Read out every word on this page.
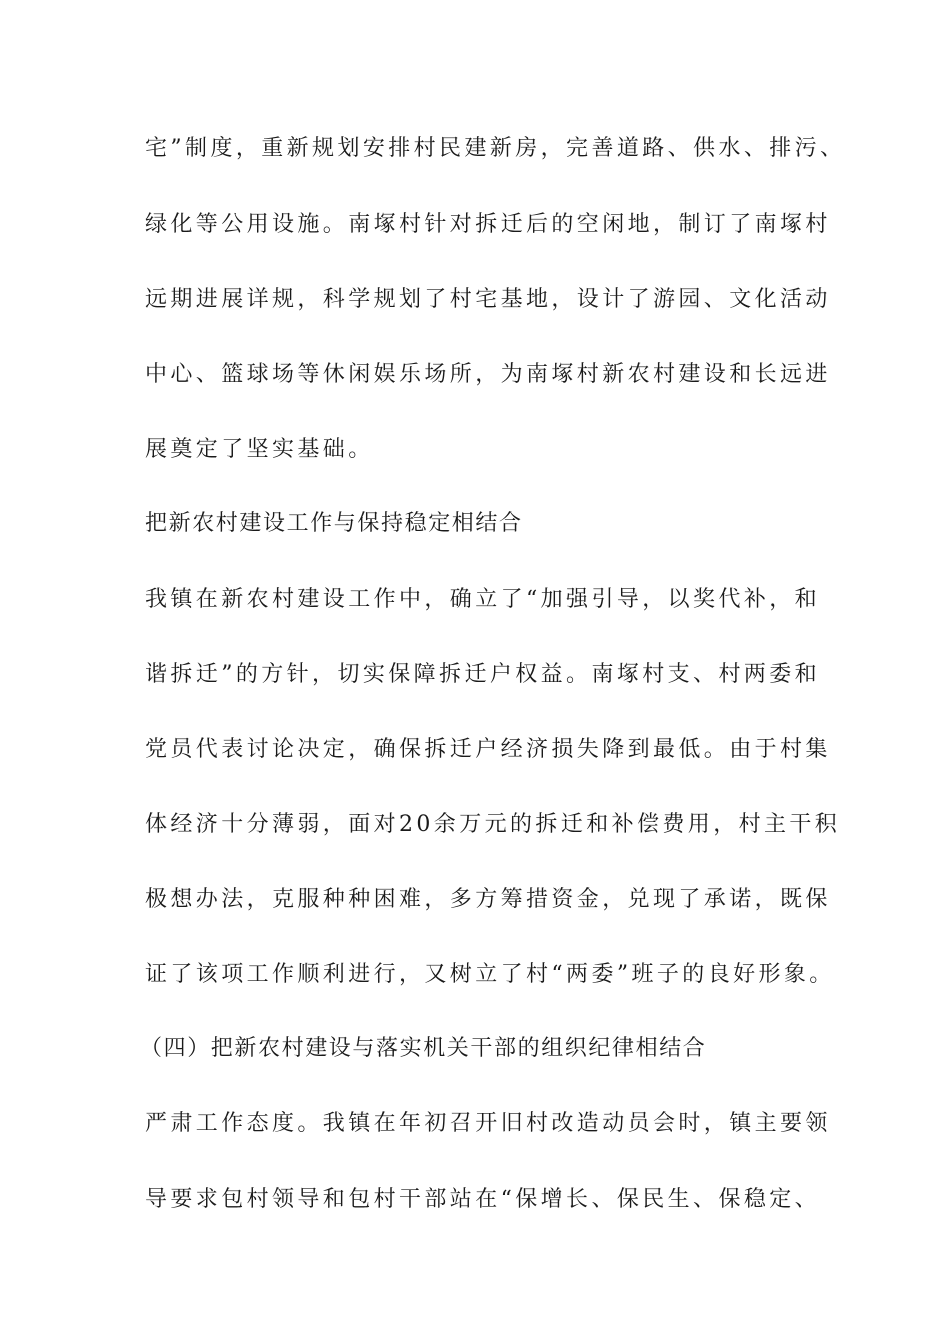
宅”制度，重新规划安排村民建新房，完善道路、供水、排污、

绿化等公用设施。南塚村针对拆迁后的空闲地，制订了南塚村

远期进展详规，科学规划了村宅基地，设计了游园、文化活动

中心、篮球场等休闲娱乐场所，为南塚村新农村建设和长远进

展奠定了坚实基础。

把新农村建设工作与保持稳定相结合

我镇在新农村建设工作中，确立了“加强引导，以奖代补，和

谐拆迁”的方针，切实保障拆迁户权益。南塚村支、村两委和

党员代表讨论决定，确保拆迁户经济损失降到最低。由于村集

体经济十分薄弱，面对20余万元的拆迁和补偿费用，村主干积

极想办法，克服种种困难，多方筹措资金，兑现了承诺，既保

证了该项工作顺利进行，又树立了村“两委”班子的良好形象。

（四）把新农村建设与落实机关干部的组织纪律相结合

严肃工作态度。我镇在年初召开旧村改造动员会时，镇主要领

导要求包村领导和包村干部站在“保增长、保民生、保稳定、
